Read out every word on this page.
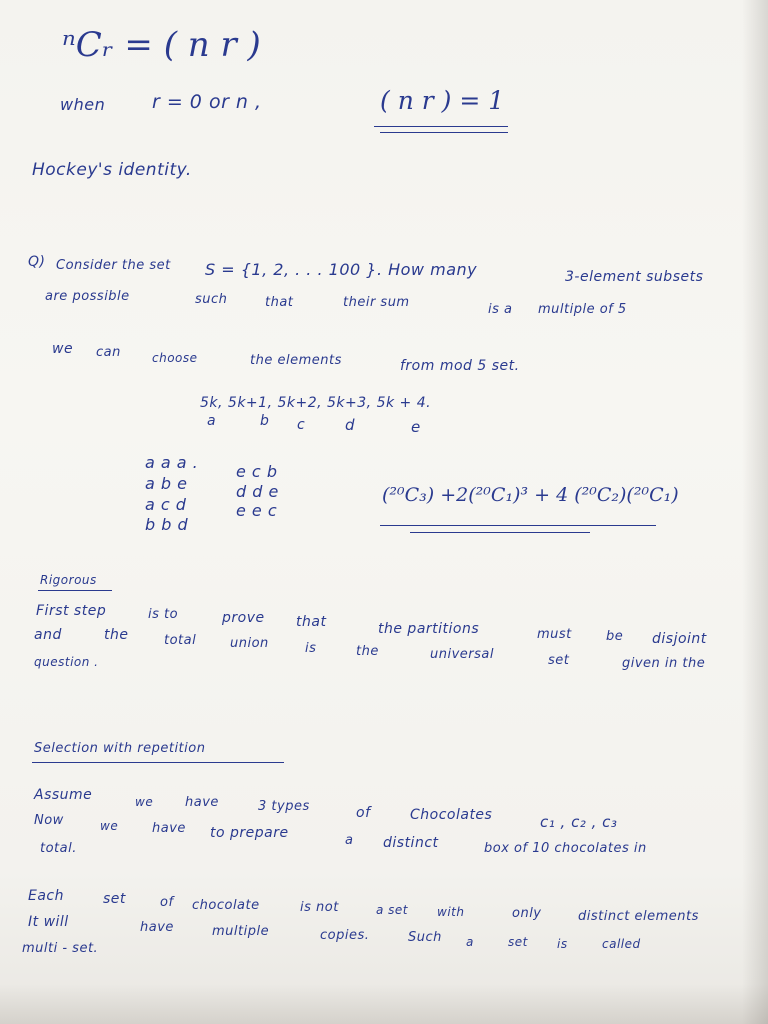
ⁿCᵣ = ( n r )
when r = 0 or n ,	( n r ) = 1
Hockey's identity.
Q) Consider the set S = {1, 2, . . . 100 }. How many	3-element subsets
are possible	such	that	their sum	is a multiple of 5
we can	choose	the elements	from mod 5 set.
5k, 5k+1, 5k+2, 5k+3, 5k + 4.
a	b c	d	e
a a a .
a b e
a c d
b b d
e c b
d d e
e e c
(²⁰C₃) +2(²⁰C₁)³ + 4 (²⁰C₂)(²⁰C₁)
Rigorous
First step	is to	prove that	the partitions	must	be disjoint
and	the	total	union	is	the	universal	set	given in the
question .
Selection with repetition
Assume	we have	3 types	of	Chocolates	c₁ , c₂ , c₃
Now	we	have to prepare	a distinct	box of 10 chocolates in
total.
Each	set	of chocolate	is not	a set with	only	distinct elements
It will	have	multiple	copies.	Such a	set is	called
multi - set.
